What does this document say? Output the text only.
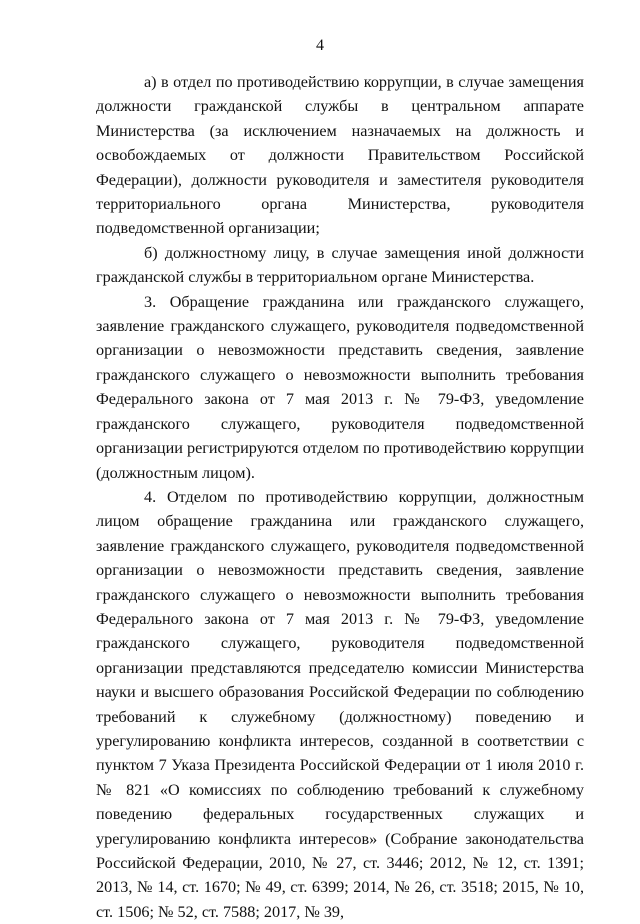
4

а) в отдел по противодействию коррупции, в случае замещения должности гражданской службы в центральном аппарате Министерства (за исключением назначаемых на должность и освобождаемых от должности Правительством Российской Федерации), должности руководителя и заместителя руководителя территориального органа Министерства, руководителя подведомственной организации;

б) должностному лицу, в случае замещения иной должности гражданской службы в территориальном органе Министерства.

3. Обращение гражданина или гражданского служащего, заявление гражданского служащего, руководителя подведомственной организации о невозможности представить сведения, заявление гражданского служащего о невозможности выполнить требования Федерального закона от 7 мая 2013 г. № 79-ФЗ, уведомление гражданского служащего, руководителя подведомственной организации регистрируются отделом по противодействию коррупции (должностным лицом).

4. Отделом по противодействию коррупции, должностным лицом обращение гражданина или гражданского служащего, заявление гражданского служащего, руководителя подведомственной организации о невозможности представить сведения, заявление гражданского служащего о невозможности выполнить требования Федерального закона от 7 мая 2013 г. № 79-ФЗ, уведомление гражданского служащего, руководителя подведомственной организации представляются председателю комиссии Министерства науки и высшего образования Российской Федерации по соблюдению требований к служебному (должностному) поведению и урегулированию конфликта интересов, созданной в соответствии с пунктом 7 Указа Президента Российской Федерации от 1 июля 2010 г. № 821 «О комиссиях по соблюдению требований к служебному поведению федеральных государственных служащих и урегулированию конфликта интересов» (Собрание законодательства Российской Федерации, 2010, № 27, ст. 3446; 2012, № 12, ст. 1391; 2013, № 14, ст. 1670; № 49, ст. 6399; 2014, № 26, ст. 3518; 2015, № 10, ст. 1506; № 52, ст. 7588; 2017, № 39,
